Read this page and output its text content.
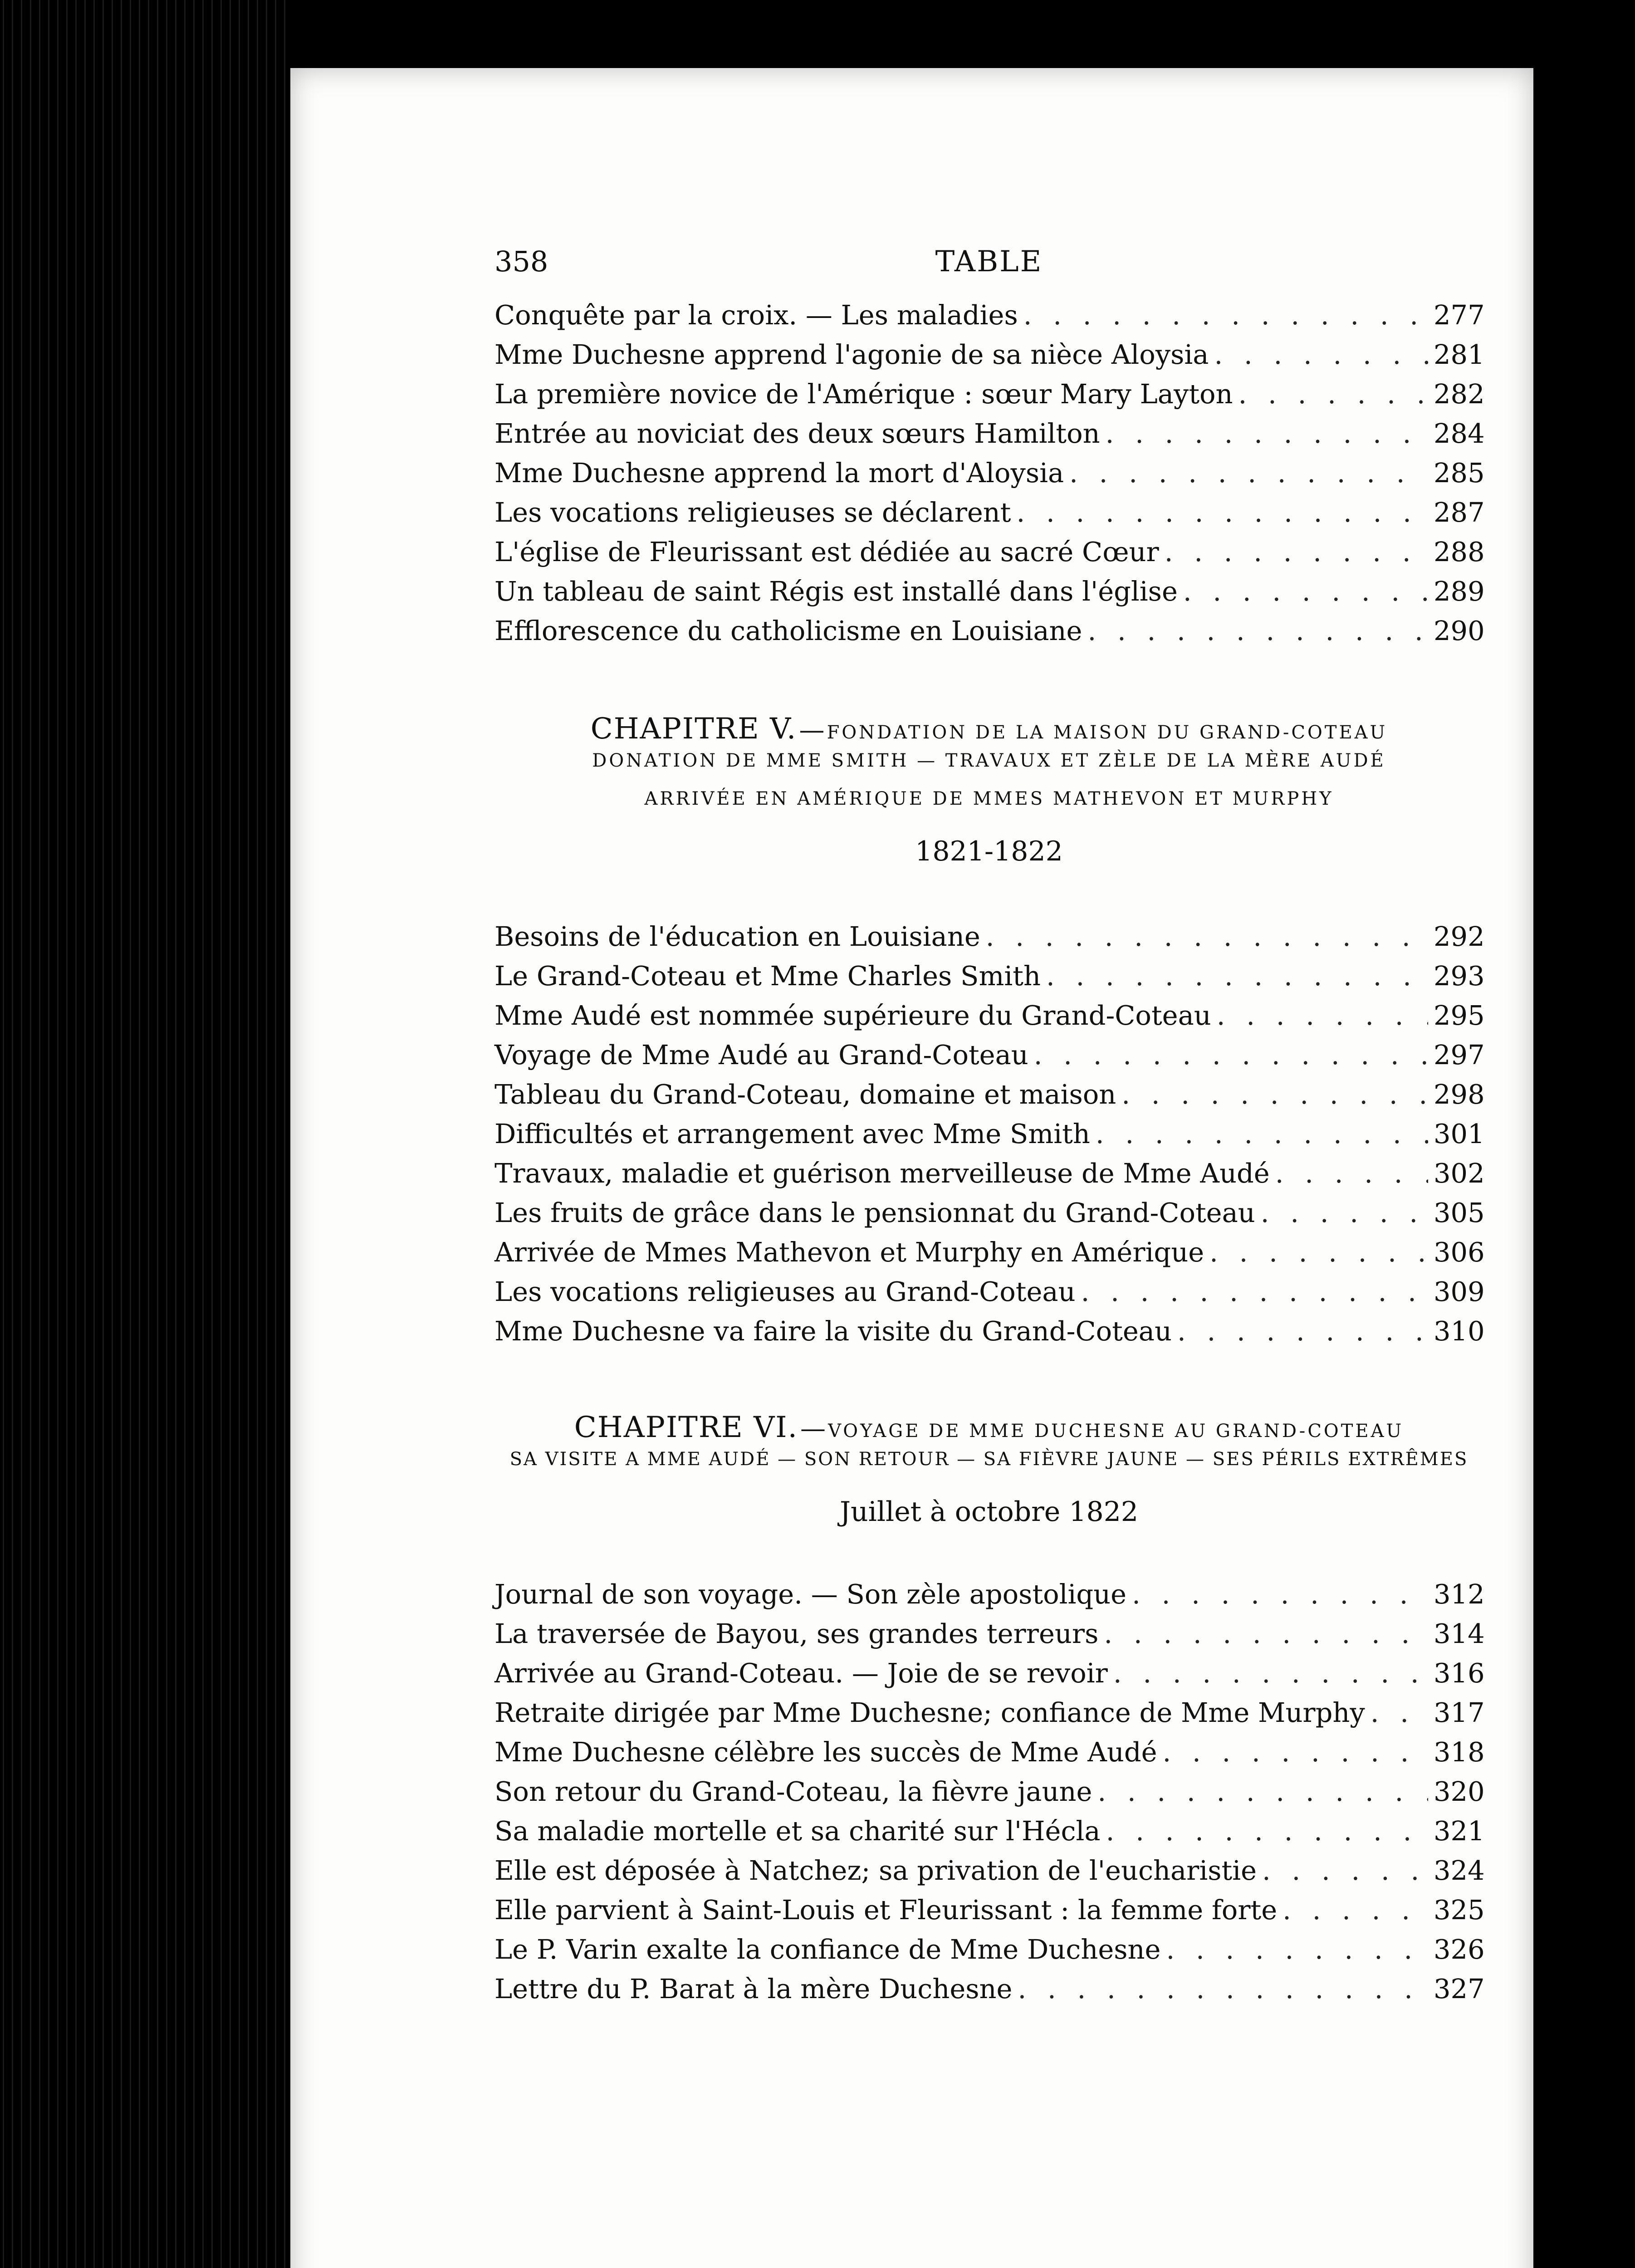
358	TABLE
Conquête par la croix. — Les maladies . . .	277
Mme Duchesne apprend l'agonie de sa nièce Aloysia . . .	281
La première novice de l'Amérique : sœur Mary Layton . . .	282
Entrée au noviciat des deux sœurs Hamilton . . .	284
Mme Duchesne apprend la mort d'Aloysia . . .	285
Les vocations religieuses se déclarent . . .	287
L'église de Fleurissant est dédiée au sacré Cœur . . .	288
Un tableau de saint Régis est installé dans l'église . . .	289
Efflorescence du catholicisme en Louisiane . . .	290
CHAPITRE V. — FONDATION DE LA MAISON DU GRAND-COTEAU
DONATION DE MME SMITH — TRAVAUX ET ZÈLE DE LA MÈRE AUDÉ
ARRIVÉE EN AMÉRIQUE DE MMES MATHEVON ET MURPHY
1821-1822
Besoins de l'éducation en Louisiane . . .	292
Le Grand-Coteau et Mme Charles Smith . . .	293
Mme Audé est nommée supérieure du Grand-Coteau . . .	295
Voyage de Mme Audé au Grand-Coteau . . .	297
Tableau du Grand-Coteau, domaine et maison . . .	298
Difficultés et arrangement avec Mme Smith . . .	301
Travaux, maladie et guérison merveilleuse de Mme Audé . . .	302
Les fruits de grâce dans le pensionnat du Grand-Coteau . . .	305
Arrivée de Mmes Mathevon et Murphy en Amérique . . .	306
Les vocations religieuses au Grand-Coteau . . .	309
Mme Duchesne va faire la visite du Grand-Coteau . . .	310
CHAPITRE VI. — VOYAGE DE MME DUCHESNE AU GRAND-COTEAU
SA VISITE A MME AUDÉ — SON RETOUR — SA FIÈVRE JAUNE — SES PÉRILS EXTRÊMES
Juillet à octobre 1822
Journal de son voyage. — Son zèle apostolique . . .	312
La traversée de Bayou, ses grandes terreurs . . .	314
Arrivée au Grand-Coteau. — Joie de se revoir . . .	316
Retraite dirigée par Mme Duchesne; confiance de Mme Murphy . . .	317
Mme Duchesne célèbre les succès de Mme Audé . . .	318
Son retour du Grand-Coteau, la fièvre jaune . . .	320
Sa maladie mortelle et sa charité sur l'Hécla . . .	321
Elle est déposée à Natchez; sa privation de l'eucharistie . . .	324
Elle parvient à Saint-Louis et Fleurissant : la femme forte . . .	325
Le P. Varin exalte la confiance de Mme Duchesne . . .	326
Lettre du P. Barat à la mère Duchesne . . .	327
